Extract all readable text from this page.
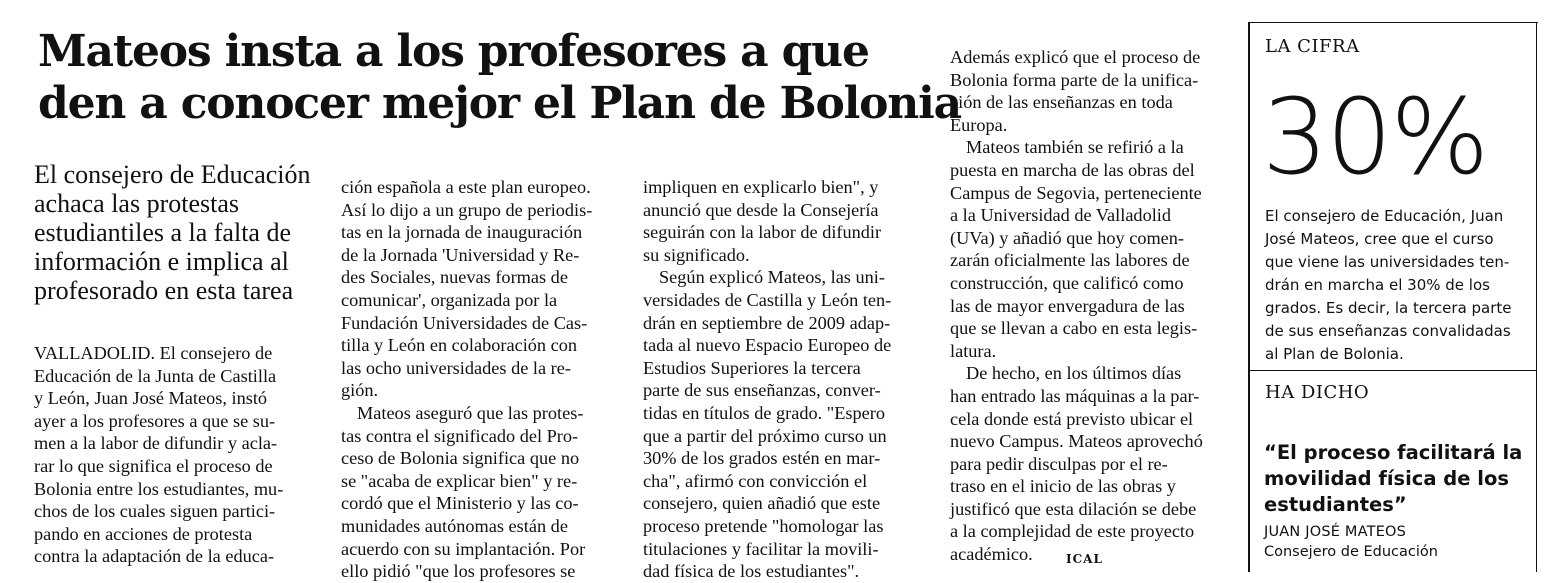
Mateos insta a los profesores a que
den a conocer mejor el Plan de Bolonia
El consejero de Educación
achaca las protestas
estudiantiles a la falta de
información e implica al
profesorado en esta tarea

VALLADOLID. El consejero de
Educación de la Junta de Castilla
y León, Juan José Mateos, instó
ayer a los profesores a que se su-
men a la labor de difundir y acla-
rar lo que significa el proceso de
Bolonia entre los estudiantes, mu-
chos de los cuales siguen partici-
pando en acciones de protesta
contra la adaptación de la educa-

ción española a este plan europeo.
Así lo dijo a un grupo de periodis-
tas en la jornada de inauguración
de la Jornada 'Universidad y Re-
des Sociales, nuevas formas de
comunicar', organizada por la
Fundación Universidades de Cas-
tilla y León en colaboración con
las ocho universidades de la re-
gión.

Mateos aseguró que las protes-
tas contra el significado del Pro-
ceso de Bolonia significa que no
se "acaba de explicar bien" y re-
cordó que el Ministerio y las co-
munidades autónomas están de
acuerdo con su implantación. Por
ello pidió "que los profesores se

impliquen en explicarlo bien", y
anunció que desde la Consejería
seguirán con la labor de difundir
su significado.

Según explicó Mateos, las uni-
versidades de Castilla y León ten-
drán en septiembre de 2009 adap-
tada al nuevo Espacio Europeo de
Estudios Superiores la tercera
parte de sus enseñanzas, conver-
tidas en títulos de grado. "Espero
que a partir del próximo curso un
30% de los grados estén en mar-
cha", afirmó con convicción el
consejero, quien añadió que este
proceso pretende "homologar las
titulaciones y facilitar la movili-
dad física de los estudiantes".

Además explicó que el proceso de
Bolonia forma parte de la unifica-
ción de las enseñanzas en toda
Europa.

Mateos también se refirió a la
puesta en marcha de las obras del
Campus de Segovia, perteneciente
a la Universidad de Valladolid
(UVa) y añadió que hoy comen-
zarán oficialmente las labores de
construcción, que calificó como
las de mayor envergadura de las
que se llevan a cabo en esta legis-
latura.

De hecho, en los últimos días
han entrado las máquinas a la par-
cela donde está previsto ubicar el
nuevo Campus. Mateos aprovechó
para pedir disculpas por el re-
traso en el inicio de las obras y
justificó que esta dilación se debe
a la complejidad de este proyecto
académico.	ICAL
LA CIFRA
30%
El consejero de Educación, Juan
José Mateos, cree que el curso
que viene las universidades ten-
drán en marcha el 30% de los
grados. Es decir, la tercera parte
de sus enseñanzas convalidadas
al Plan de Bolonia.
HA DICHO
“El proceso facilitará la
movilidad física de los
estudiantes”
JUAN JOSÉ MATEOS
Consejero de Educación
